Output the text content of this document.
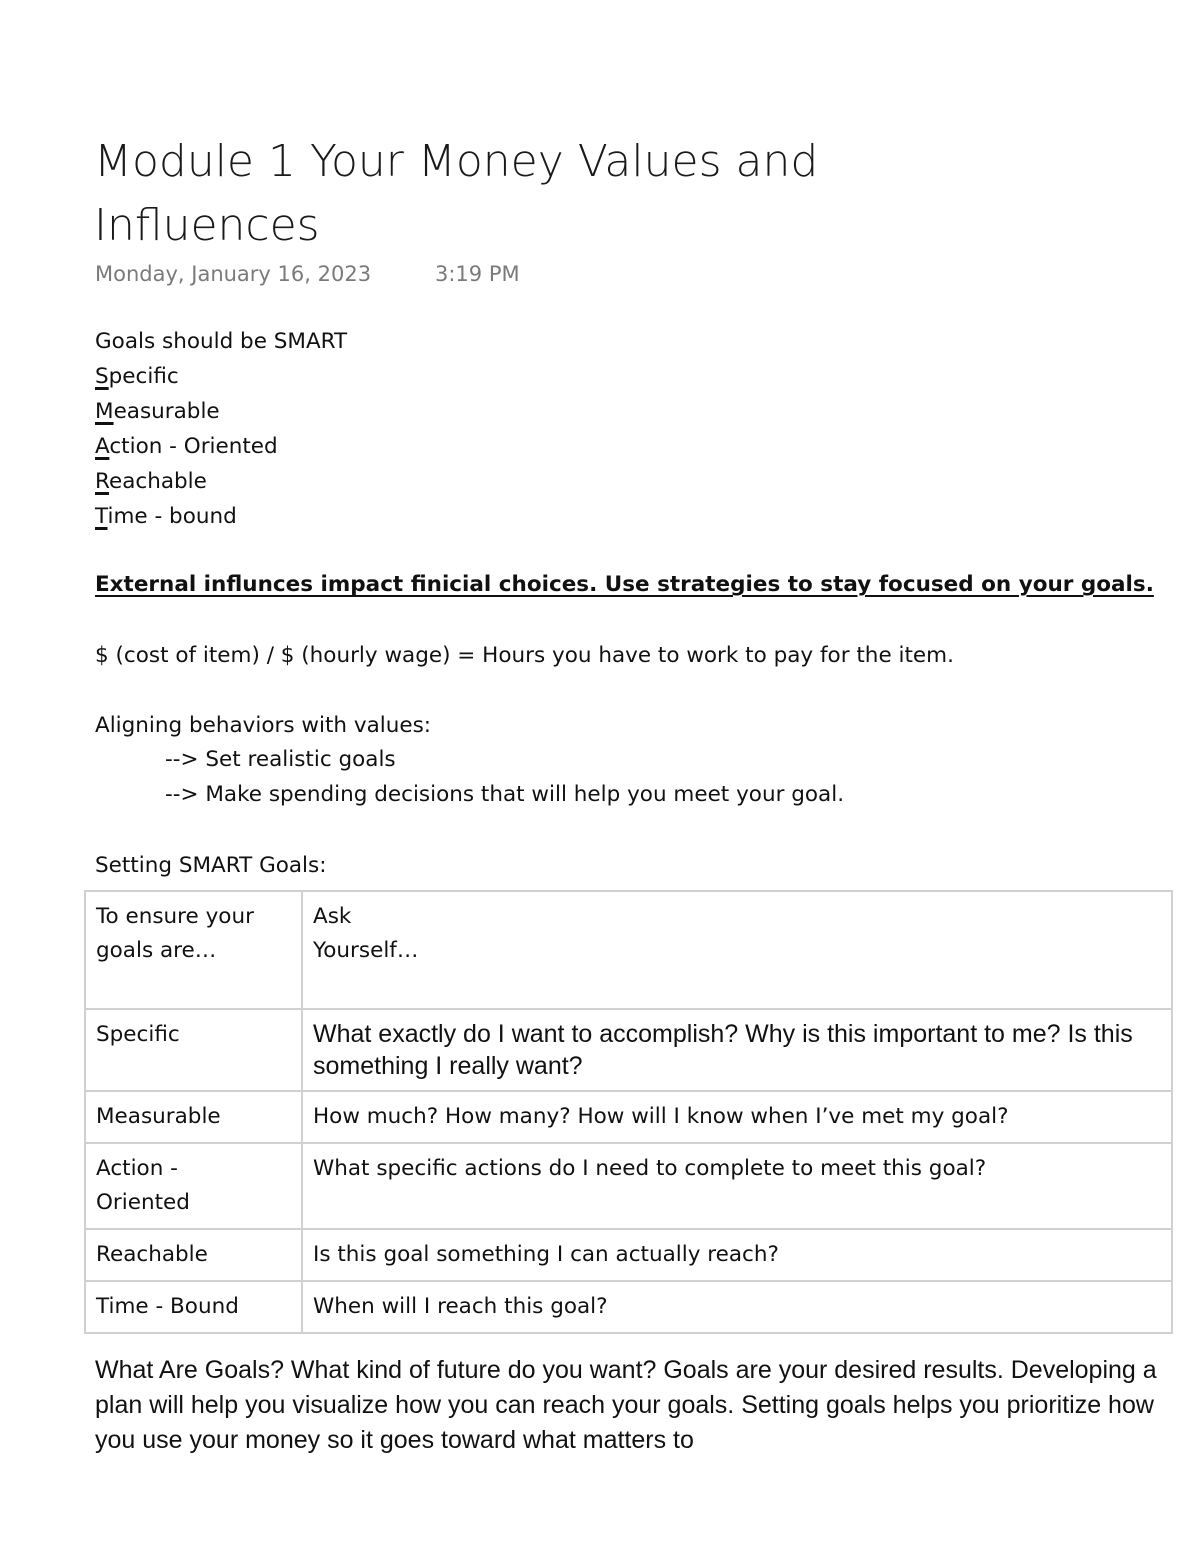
Module 1 Your Money Values and Influences
Monday, January 16, 2023	3:19 PM
Goals should be SMART
Specific
Measurable
Action - Oriented
Reachable
Time - bound
External influnces impact finicial choices. Use strategies to stay focused on your goals.
$ (cost of item) / $ (hourly wage) = Hours you have to work to pay for the item.
Aligning behaviors with values:
--> Set realistic goals
--> Make spending decisions that will help you meet your goal.
Setting SMART Goals:
To ensure your goals are…	Ask Yourself…

Specific	What exactly do I want to accomplish? Why is this important to me? Is this something I really want?
Measurable	How much? How many? How will I know when I’ve met my goal?
Action - Oriented	What specific actions do I need to complete to meet this goal?
Reachable	Is this goal something I can actually reach?
Time - Bound	When will I reach this goal?

What Are Goals? What kind of future do you want? Goals are your desired results. Developing a plan will help you visualize how you can reach your goals. Setting goals helps you prioritize how you use your money so it goes toward what matters to
